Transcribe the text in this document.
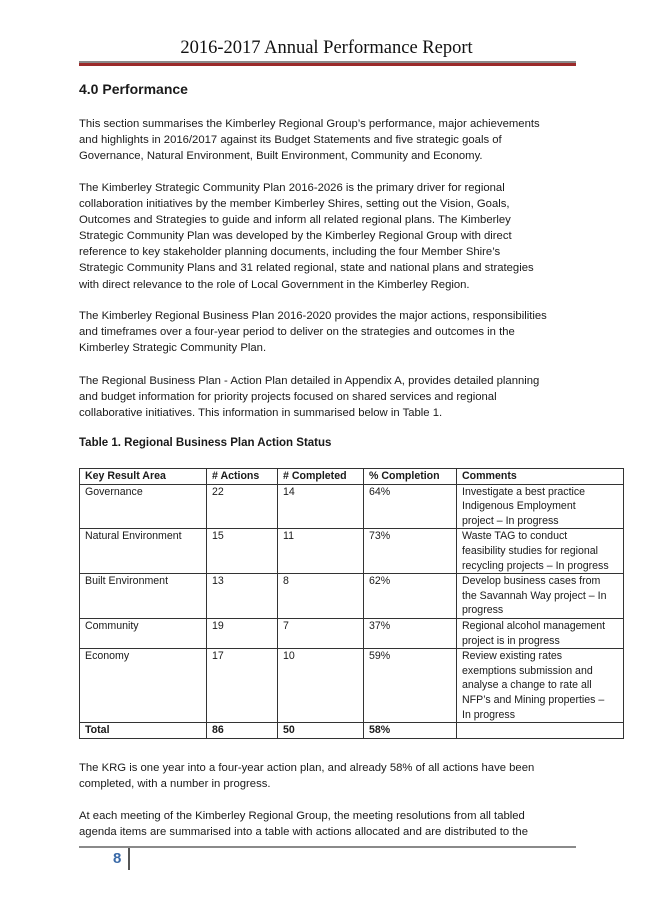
2016-2017 Annual Performance Report
4.0 Performance

This section summarises the Kimberley Regional Group’s performance, major achievements
and highlights in 2016/2017 against its Budget Statements and five strategic goals of
Governance, Natural Environment, Built Environment, Community and Economy.

The Kimberley Strategic Community Plan 2016-2026 is the primary driver for regional
collaboration initiatives by the member Kimberley Shires, setting out the Vision, Goals,
Outcomes and Strategies to guide and inform all related regional plans. The Kimberley
Strategic Community Plan was developed by the Kimberley Regional Group with direct
reference to key stakeholder planning documents, including the four Member Shire’s
Strategic Community Plans and 31 related regional, state and national plans and strategies
with direct relevance to the role of Local Government in the Kimberley Region.

The Kimberley Regional Business Plan 2016-2020 provides the major actions, responsibilities
and timeframes over a four-year period to deliver on the strategies and outcomes in the
Kimberley Strategic Community Plan.

The Regional Business Plan - Action Plan detailed in Appendix A, provides detailed planning
and budget information for priority projects focused on shared services and regional
collaborative initiatives. This information in summarised below in Table 1.

Table 1. Regional Business Plan Action Status
Key Result Area	# Actions	# Completed	% Completion	Comments
Governance	22	14	64%	Investigate a best practice
Indigenous Employment
project – In progress

Natural Environment	15	11	73%	Waste TAG to conduct
feasibility studies for regional
recycling projects – In progress

Built Environment	13	8	62%	Develop business cases from
the Savannah Way project – In
progress

Community	19	7	37%	Regional alcohol management
project is in progress

Economy	17	10	59%	Review existing rates
exemptions submission and
analyse a change to rate all
NFP’s and Mining properties –
In progress

Total	86	50	58%	

The KRG is one year into a four-year action plan, and already 58% of all actions have been
completed, with a number in progress.

At each meeting of the Kimberley Regional Group, the meeting resolutions from all tabled
agenda items are summarised into a table with actions allocated and are distributed to the

8
